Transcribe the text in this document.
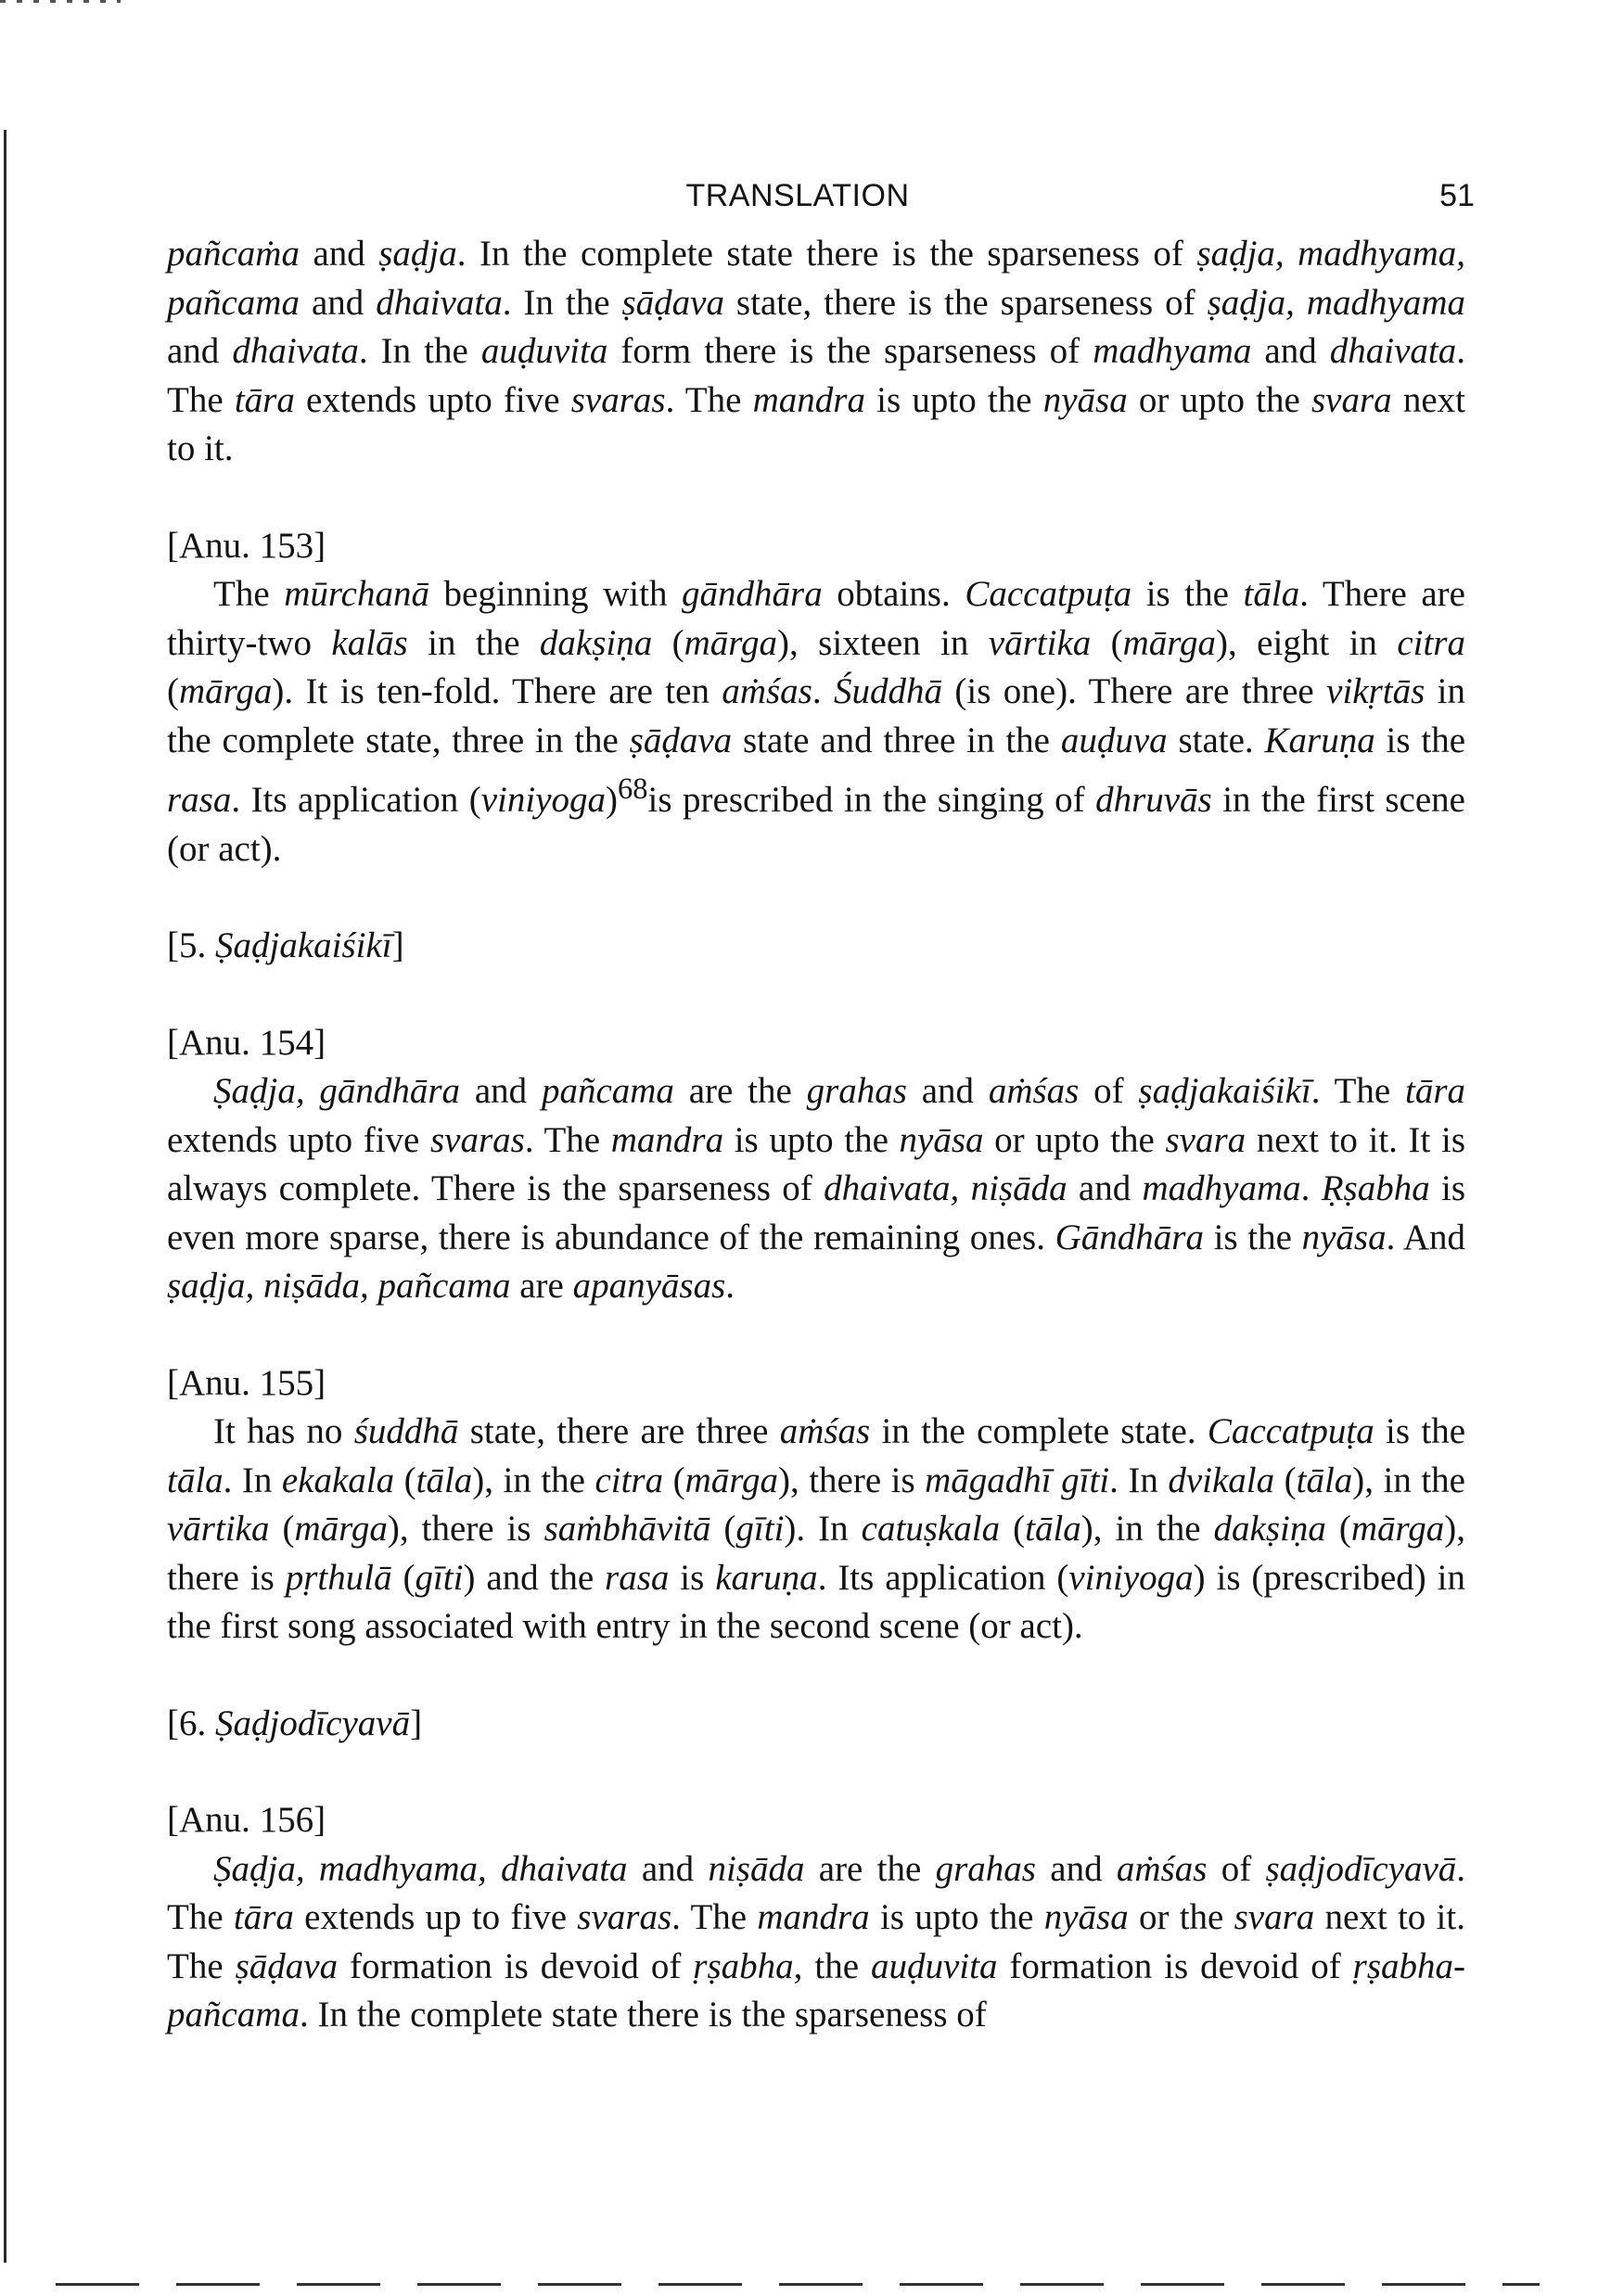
TRANSLATION	51

pañcaṁa and ṣaḍja. In the complete state there is the sparseness of ṣaḍja, madhyama, pañcama and dhaivata. In the ṣāḍava state, there is the sparseness of ṣaḍja, madhyama and dhaivata. In the auḍuvita form there is the sparseness of madhyama and dhaivata. The tāra extends upto five svaras. The mandra is upto the nyāsa or upto the svara next to it.

[Anu. 153]

The mūrchanā beginning with gāndhāra obtains. Caccatpuṭa is the tāla. There are thirty-two kalās in the dakṣiṇa (mārga), sixteen in vārtika (mārga), eight in citra (mārga). It is ten-fold. There are ten aṁśas. Śuddhā (is one). There are three vikṛtās in the complete state, three in the ṣāḍava state and three in the auḍuva state. Karuṇa is the rasa. Its application (viniyoga)$^{68}$is prescribed in the singing of dhruvās in the first scene (or act).

[5. Ṣaḍjakaiśikī]

[Anu. 154]

Ṣaḍja, gāndhāra and pañcama are the grahas and aṁśas of ṣaḍjakaiśikī. The tāra extends upto five svaras. The mandra is upto the nyāsa or upto the svara next to it. It is always complete. There is the sparseness of dhaivata, niṣāda and madhyama. Ṛṣabha is even more sparse, there is abundance of the remaining ones. Gāndhāra is the nyāsa. And ṣaḍja, niṣāda, pañcama are apanyāsas.

[Anu. 155]

It has no śuddhā state, there are three aṁśas in the complete state. Caccatpuṭa is the tāla. In ekakala (tāla), in the citra (mārga), there is māgadhī gīti. In dvikala (tāla), in the vārtika (mārga), there is saṁbhāvitā (gīti). In catuṣkala (tāla), in the dakṣiṇa (mārga), there is pṛthulā (gīti) and the rasa is karuṇa. Its application (viniyoga) is (prescribed) in the first song associated with entry in the second scene (or act).

[6. Ṣaḍjodīcyavā]

[Anu. 156]

Ṣaḍja, madhyama, dhaivata and niṣāda are the grahas and aṁśas of ṣaḍjodīcyavā. The tāra extends up to five svaras. The mandra is upto the nyāsa or the svara next to it. The ṣāḍava formation is devoid of ṛṣabha, the auḍuvita formation is devoid of ṛṣabha-pañcama. In the complete state there is the sparseness of
